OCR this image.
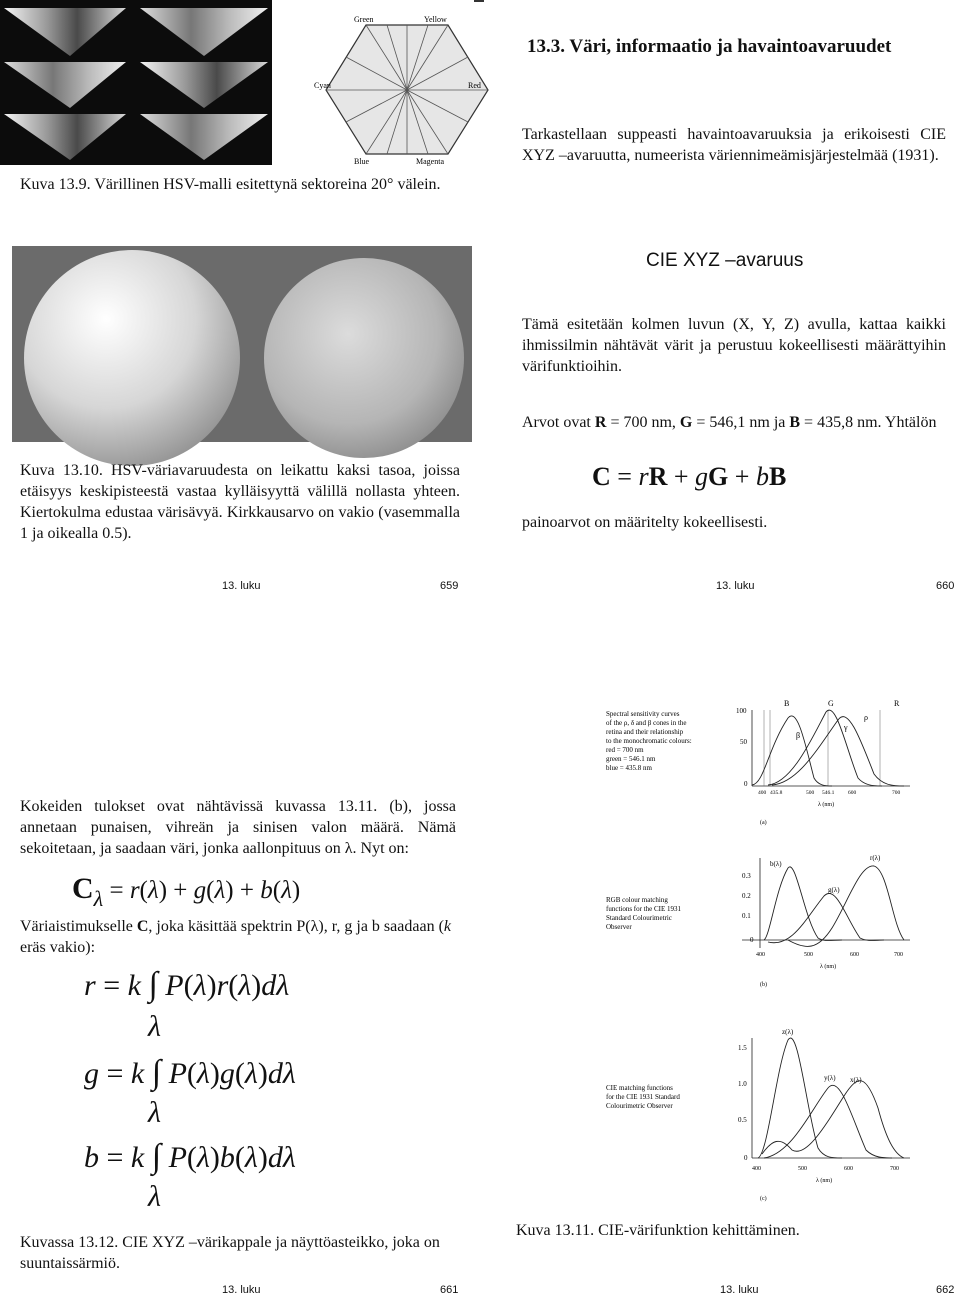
Green	Yellow
Cyan	Red
Blue	Magenta
Kuva 13.9. Värillinen HSV-malli esitettynä sektoreina 20° välein.
13.3. Väri, informaatio ja havaintoavaruudet
Tarkastellaan suppeasti havaintoavaruuksia ja erikoisesti CIE XYZ –avaruutta, numeerista väriennimeämisjärjestelmää (1931).
Kuva 13.10. HSV-väriavaruudesta on leikattu kaksi tasoa, joissa etäisyys keskipisteestä vastaa kylläisyyttä välillä nollasta yhteen. Kiertokulma edustaa värisävyä. Kirkkausarvo on vakio (vasemmalla 1 ja oikealla 0.5).
13. luku	659
CIE XYZ –avaruus
Tämä esitetään kolmen luvun (X, Y, Z) avulla, kattaa kaikki ihmissilmin nähtävät värit ja perustuu kokeellisesti määrättyihin värifunktioihin.
Arvot ovat R = 700 nm, G = 546,1 nm ja B = 435,8 nm. Yhtälön
C = rR + gG + bB
painoarvot on määritelty kokeellisesti.
13. luku	660
Kokeiden tulokset ovat nähtävissä kuvassa 13.11. (b), jossa annetaan punaisen, vihreän ja sinisen valon määrä. Nämä sekoitetaan, ja saadaan väri, jonka aallonpituus on λ. Nyt on:
Cλ = r(λ) + g(λ) + b(λ)
Väriaistimukselle C, joka käsittää spektrin P(λ), r, g ja b saadaan (k eräs vakio):
r = k ∫ P(λ)r(λ)dλ
λ
g = k ∫ P(λ)g(λ)dλ
λ
b = k ∫ P(λ)b(λ)dλ
λ
Kuvassa 13.12. CIE XYZ –värikappale ja näyttöasteikko, joka on suuntaissärmiö.
13. luku	661
Spectral sensitivity curves
of the ρ, δ and β cones in the
retina and their relationship
to the monochromatic colours:
red = 700 nm
green = 546.1 nm
blue = 435.8 nm
100
50
0
B	G	R
β
γ
ρ
400 435.8	500 546.1 600	700
λ (nm)
(a)
RGB colour matching
functions for the CIE 1931
Standard Colourimetric
Observer
0.3
0.2
0.1
0
b(λ)
g(λ)
r(λ)
400	500	600	700
λ (nm)
(b)
CIE matching functions
for the CIE 1931 Standard
Colourimetric Observer
1.5
1.0
0.5
0
z(λ)
y(λ) x(λ)
400	500	600	700
λ (nm)
(c)
Kuva 13.11. CIE-värifunktion kehittäminen.
13. luku	662
